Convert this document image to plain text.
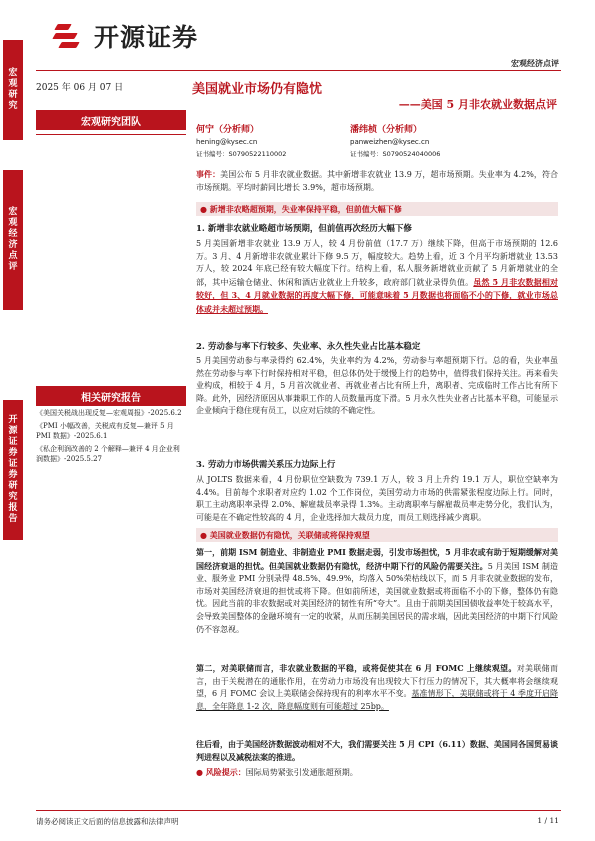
宏观研究
宏观经济点评
开源证券 证券研究报告
开源证券
宏观经济点评
2025 年 06 月 07 日	美国就业市场仍有隐忧
——美国 5 月非农就业数据点评
宏观研究团队
何宁（分析师）
hening@kysec.cn
证书编号：S0790522110002
潘纬桢（分析师）
panweizhen@kysec.cn
证书编号：S0790524040006
相关研究报告
《美国关税战出现反复—宏观周报》-2025.6.2
《PMI 小幅改善，关税成有反复—兼评 5 月 PMI 数据》-2025.6.1
《私企利润改善的 2 个解释—兼评 4 月企业利润数据》-2025.5.27
事件：美国公布 5 月非农就业数据。其中新增非农就业 13.9 万，超市场预期。失业率为 4.2%，符合市场预期。平均时薪同比增长 3.9%，超市场预期。
● 新增非农略超预期，失业率保持平稳，但前值大幅下修
1. 新增非农就业略超市场预期，但前值再次经历大幅下修
5 月美国新增非农就业 13.9 万人，较 4 月份前值（17.7 万）继续下降，但高于市场预期的 12.6 万。3 月、4 月新增非农就业累计下修 9.5 万，幅度较大。趋势上看，近 3 个月平均新增就业 13.53 万人，较 2024 年底已经有较大幅度下行。结构上看，私人服务新增就业贡献了 5 月新增就业的全部，其中运输仓储业、休闲和酒店业就业上升较多，政府部门就业录得负值。虽然 5 月非农数据相对较好，但 3、4 月就业数据的再度大幅下修，可能意味着 5 月数据也将面临不小的下修，就业市场总体或并未超过预期。
2. 劳动参与率下行较多、失业率、永久性失业占比基本稳定
5 月美国劳动参与率录得约 62.4%，失业率约为 4.2%，劳动参与率超预期下行。总的看，失业率虽然在劳动参与率下行时保持相对平稳，但总体仍处于缓慢上行的趋势中，值得我们保持关注。再来看失业构成，相较于 4 月，5 月首次就业者、再就业者占比有所上升，离职者、完成临时工作占比有所下降。此外，因经济原因从事兼职工作的人员数量再度下滑。5 月永久性失业者占比基本平稳，可能显示企业倾向于稳住现有员工，以应对后续的不确定性。
3. 劳动力市场供需关系压力边际上行
从 JOLTS 数据来看，4 月份职位空缺数为 739.1 万人，较 3 月上升约 19.1 万人，职位空缺率为 4.4%。目前每个求职者对应约 1.02 个工作岗位，美国劳动力市场的供需紧张程度边际上行。同时，职工主动离职率录得 2.0%、解雇裁员率录得 1.3%。主动离职率与解雇裁员率走势分化，我们认为，可能是在不确定性较高的 4 月，企业选择加大裁员力度，而员工则选择减少离职。
● 美国就业数据仍有隐忧，关联储或将保持观望
第一，前期 ISM 制造业、非制造业 PMI 数据走弱，引发市场担忧，5 月非农或有助于短期缓解对美国经济衰退的担忧。但美国就业数据仍有隐忧，经济中期下行的风险仍需要关注。5 月美国 ISM 制造业、服务业 PMI 分别录得 48.5%、49.9%，均落入 50%荣枯线以下，而 5 月非农就业数据的发布，市场对美国经济衰退的担忧或将下降。但如前所述，美国就业数据或将面临不小的下修，整体仍有隐忧。因此当前的非农数据或对美国经济的韧性有所“夸大”。且由于前期美国国债收益率处于较高水平，会导致美国整体的金融环境有一定的收紧，从而压制美国居民的需求端，因此美国经济的中期下行风险仍不容忽视。
第二，对美联储而言，非农就业数据的平稳，或将促使其在 6 月 FOMC 上继续观望。对美联储而言，由于关税潜在的通胀作用，在劳动力市场没有出现较大下行压力的情况下，其大概率将会继续观望，6 月 FOMC 会议上美联储会保持现有的利率水平不变。基准情形下，美联储或将于 4 季度开启降息，全年降息 1-2 次，降息幅度则有可能超过 25bp。
往后看，由于美国经济数据波动相对不大，我们需要关注 5 月 CPI（6.11）数据、美国同各国贸易谈判进程以及减税法案的推进。
● 风险提示：国际局势紧张引发通胀超预期。
请务必阅读正文后面的信息披露和法律声明	1 / 11
